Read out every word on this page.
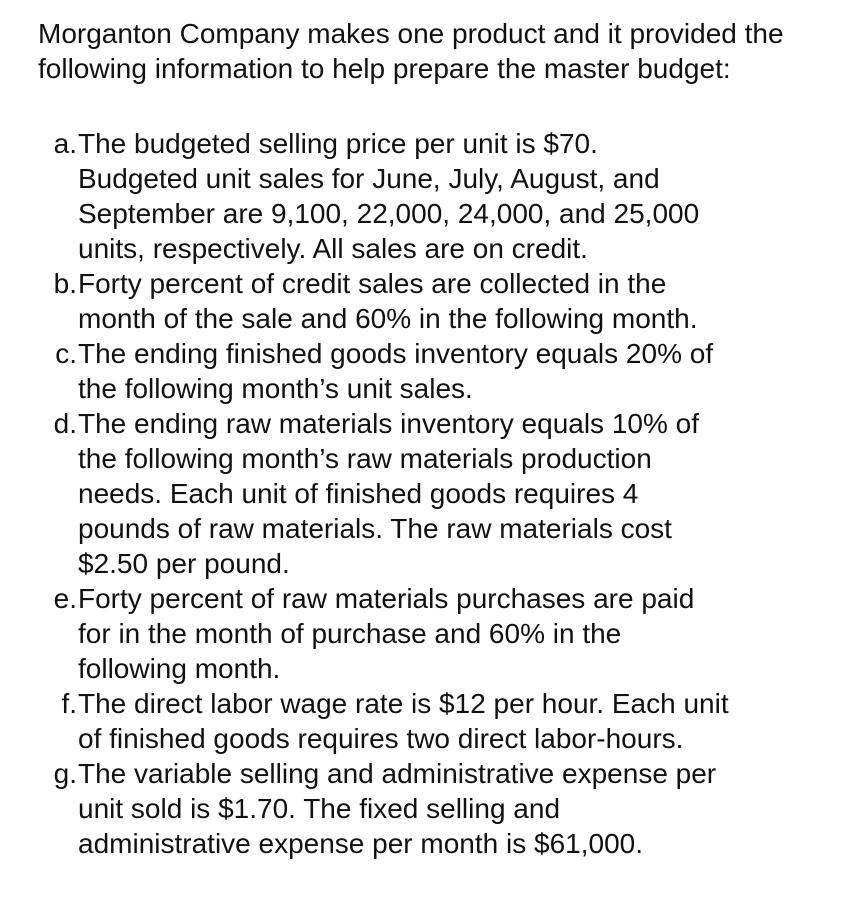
Morganton Company makes one product and it provided the following information to help prepare the master budget:

a. The budgeted selling price per unit is $70.
Budgeted unit sales for June, July, August, and
September are 9,100, 22,000, 24,000, and 25,000
units, respectively. All sales are on credit.
b. Forty percent of credit sales are collected in the
month of the sale and 60% in the following month.
c. The ending finished goods inventory equals 20% of
the following month’s unit sales.
d. The ending raw materials inventory equals 10% of
the following month’s raw materials production
needs. Each unit of finished goods requires 4
pounds of raw materials. The raw materials cost
$2.50 per pound.
e. Forty percent of raw materials purchases are paid
for in the month of purchase and 60% in the
following month.
f. The direct labor wage rate is $12 per hour. Each unit
of finished goods requires two direct labor-hours.
g. The variable selling and administrative expense per
unit sold is $1.70. The fixed selling and
administrative expense per month is $61,000.
